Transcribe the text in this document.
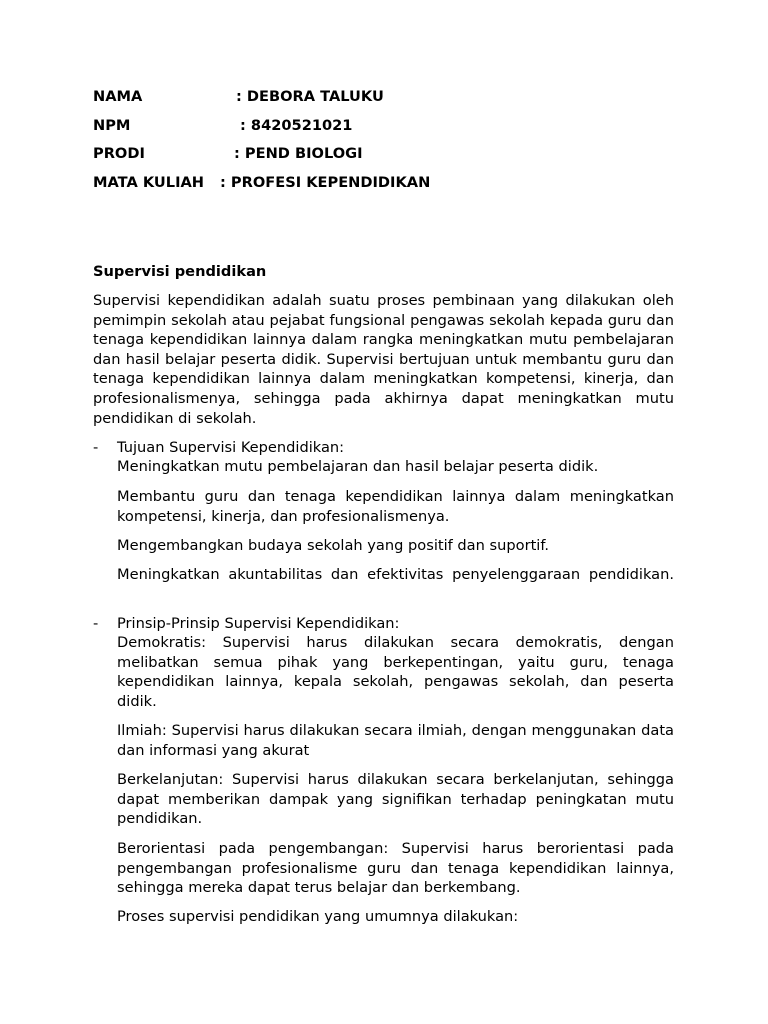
NAMA	: DEBORA TALUKU
NPM	: 8420521021
PRODI	: PEND BIOLOGI
MATA KULIAH : PROFESI KEPENDIDIKAN
Supervisi pendidikan

Supervisi kependidikan adalah suatu proses pembinaan yang dilakukan oleh pemimpin sekolah atau pejabat fungsional pengawas sekolah kepada guru dan tenaga kependidikan lainnya dalam rangka meningkatkan mutu pembelajaran dan hasil belajar peserta didik. Supervisi bertujuan untuk membantu guru dan tenaga kependidikan lainnya dalam meningkatkan kompetensi, kinerja, dan profesionalismenya, sehingga pada akhirnya dapat meningkatkan mutu pendidikan di sekolah.

- Tujuan Supervisi Kependidikan:

Meningkatkan mutu pembelajaran dan hasil belajar peserta didik.

Membantu guru dan tenaga kependidikan lainnya dalam meningkatkan kompetensi, kinerja, dan profesionalismenya.

Mengembangkan budaya sekolah yang positif dan suportif.

Meningkatkan akuntabilitas dan efektivitas penyelenggaraan pendidikan.

- Prinsip-Prinsip Supervisi Kependidikan:

Demokratis: Supervisi harus dilakukan secara demokratis, dengan melibatkan semua pihak yang berkepentingan, yaitu guru, tenaga kependidikan lainnya, kepala sekolah, pengawas sekolah, dan peserta didik.

Ilmiah: Supervisi harus dilakukan secara ilmiah, dengan menggunakan data dan informasi yang akurat

Berkelanjutan: Supervisi harus dilakukan secara berkelanjutan, sehingga dapat memberikan dampak yang signifikan terhadap peningkatan mutu pendidikan.

Berorientasi pada pengembangan: Supervisi harus berorientasi pada pengembangan profesionalisme guru dan tenaga kependidikan lainnya, sehingga mereka dapat terus belajar dan berkembang.

Proses supervisi pendidikan yang umumnya dilakukan:
